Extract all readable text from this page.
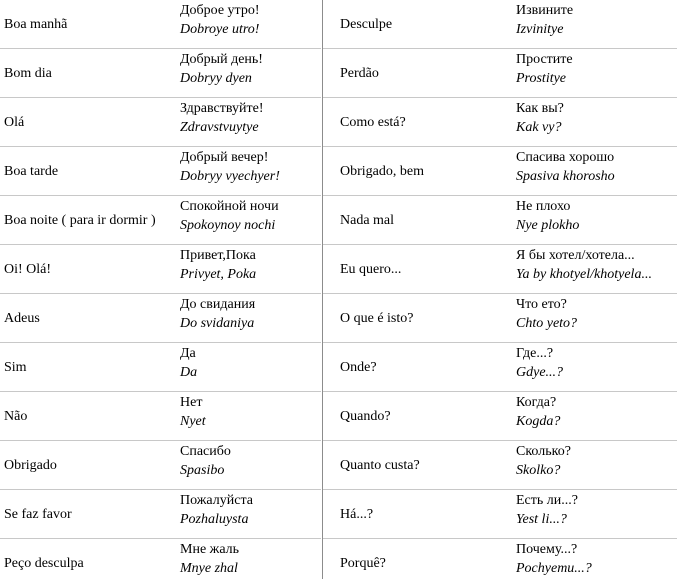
Boa manhã
Доброе утро!
Dobroye utro!
Bom dia
Добрый день!
Dobryy dyen
Olá
Здравствуйте!
Zdravstvuytye
Boa tarde
Добрый вечер!
Dobryy vyechyer!
Boa noite ( para ir dormir )
Спокойной ночи
Spokoynoy nochi
Oi! Olá!
Привет,Пока
Privyet, Poka
Adeus
До свидания
Do svidaniya
Sim
Да
Da
Não
Нет
Nyet
Obrigado
Спасибо
Spasibo
Se faz favor
Пожалуйста
Pozhaluysta
Peço desculpa
Мне жаль
Mnye zhal
Desculpe
Извините
Izvinitye
Perdão
Простите
Prostitye
Como está?
Как вы?
Kak vy?
Obrigado, bem
Спасива хорошо
Spasiva khorosho
Nada mal
Не плохо
Nye plokho
Eu quero...
Я бы хотел/хотела...
Ya by khotyel/khotyela...
O que é isto?
Что ето?
Chto yeto?
Onde?
Где...?
Gdye...?
Quando?
Когда?
Kogda?
Quanto custa?
Сколько?
Skolko?
Há...?
Есть ли...?
Yest li...?
Porquê?
Почему...?
Pochyemu...?
